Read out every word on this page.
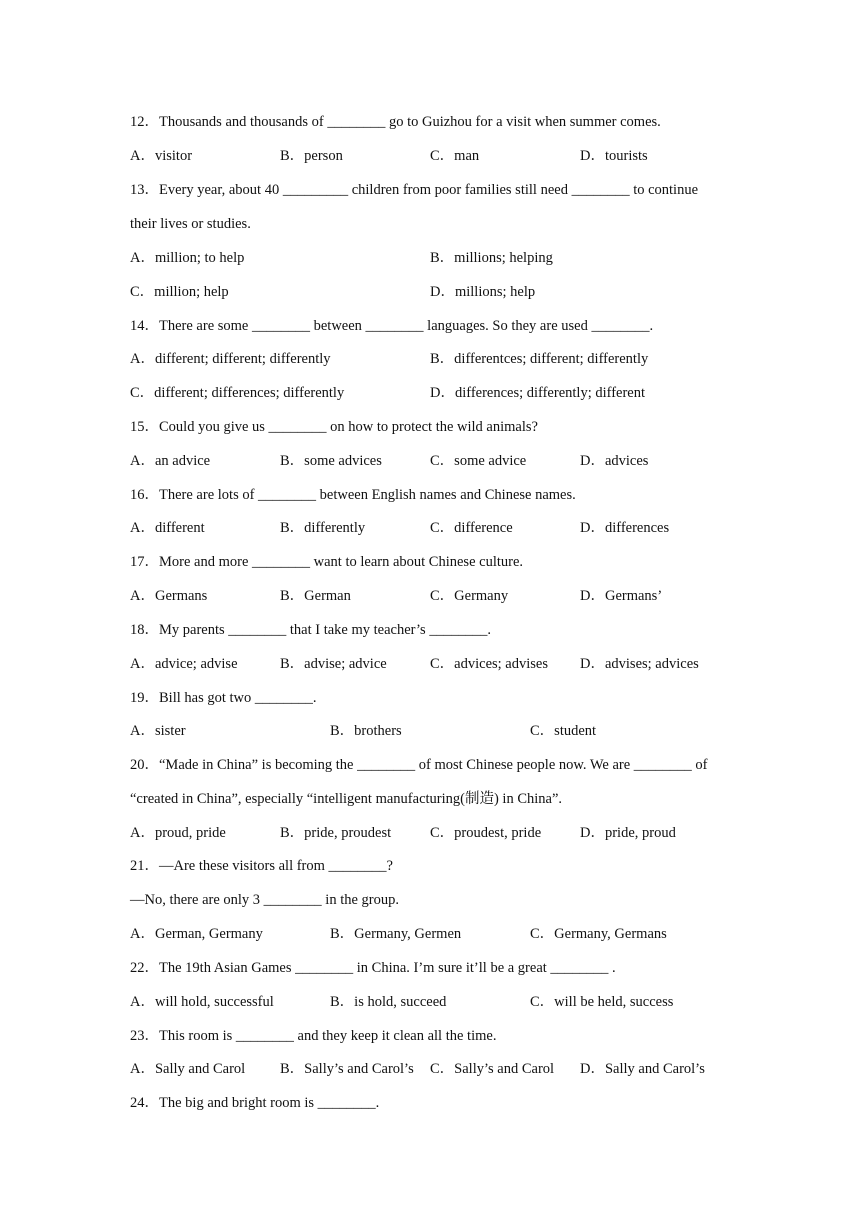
12．Thousands and thousands of ________ go to Guizhou for a visit when summer comes.
A．visitor	B．person	C．man	D．tourists
13．Every year, about 40 _________ children from poor families still need ________ to continue
their lives or studies.
A．million; to help	B．millions; helping
C．million; help	D．millions; help
14．There are some ________ between ________ languages. So they are used ________.
A．different; different; differently	B．differentces; different; differently
C．different; differences; differently	D．differences; differently; different
15．Could you give us ________ on how to protect the wild animals?
A．an advice	B．some advices	C．some advice	D．advices
16．There are lots of ________ between English names and Chinese names.
A．different	B．differently	C．difference	D．differences
17．More and more ________ want to learn about Chinese culture.
A．Germans	B．German	C．Germany	D．Germans’
18．My parents ________ that I take my teacher’s ________.
A．advice; advise	B．advise; advice	C．advices; advises D．advises; advices
19．Bill has got two ________.
A．sister	B．brothers	C．student
20．“Made in China” is becoming the ________ of most Chinese people now. We are ________ of
“created in China”, especially “intelligent manufacturing(制造) in China”.
A．proud, pride	B．pride, proudest	C．proudest, pride	D．pride, proud
21．—Are these visitors all from ________?
—No, there are only 3 ________ in the group.
A．German, Germany	B．Germany, Germen	C．Germany, Germans
22．The 19th Asian Games ________ in China. I’m sure it’ll be a great ________ .
A．will hold, successful	B．is hold, succeed	C．will be held, success
23．This room is ________ and they keep it clean all the time.
A．Sally and Carol B．Sally’s and Carol’s C．Sally’s and Carol D．Sally and Carol’s
24．The big and bright room is ________.
